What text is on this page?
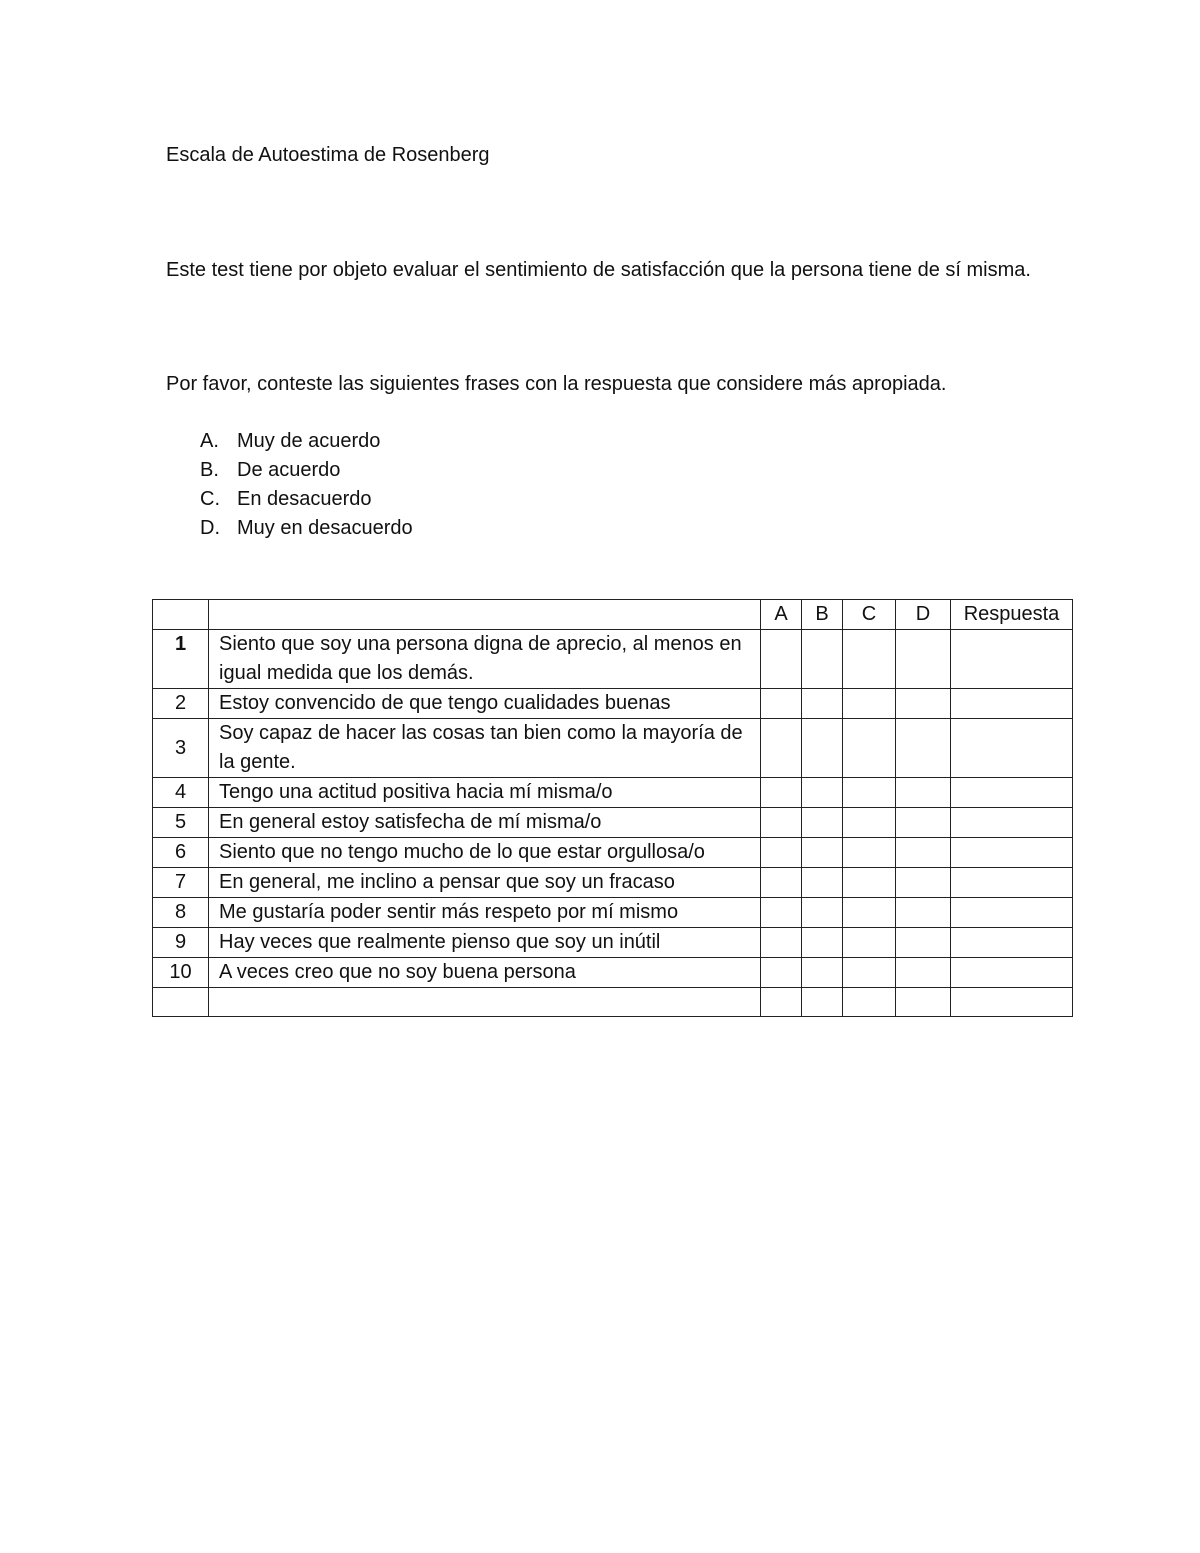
Escala de Autoestima de Rosenberg
Este test tiene por objeto evaluar el sentimiento de satisfacción que la persona tiene de sí misma.
Por favor, conteste las siguientes frases con la respuesta que considere más apropiada.
A. Muy de acuerdo
B. De acuerdo
C. En desacuerdo
D. Muy en desacuerdo
		A	B	C	D	Respuesta
1	Siento que soy una persona digna de aprecio, al menos en igual medida que los demás.					
2	Estoy convencido de que tengo cualidades buenas					
3	Soy capaz de hacer las cosas tan bien como la mayoría de la gente.					
4	Tengo una actitud positiva hacia mí misma/o					
5	En general estoy satisfecha de mí misma/o					
6	Siento que no tengo mucho de lo que estar orgullosa/o					
7	En general, me inclino a pensar que soy un fracaso					
8	Me gustaría poder sentir más respeto por mí mismo					
9	Hay veces que realmente pienso que soy un inútil					
10	A veces creo que no soy buena persona					
